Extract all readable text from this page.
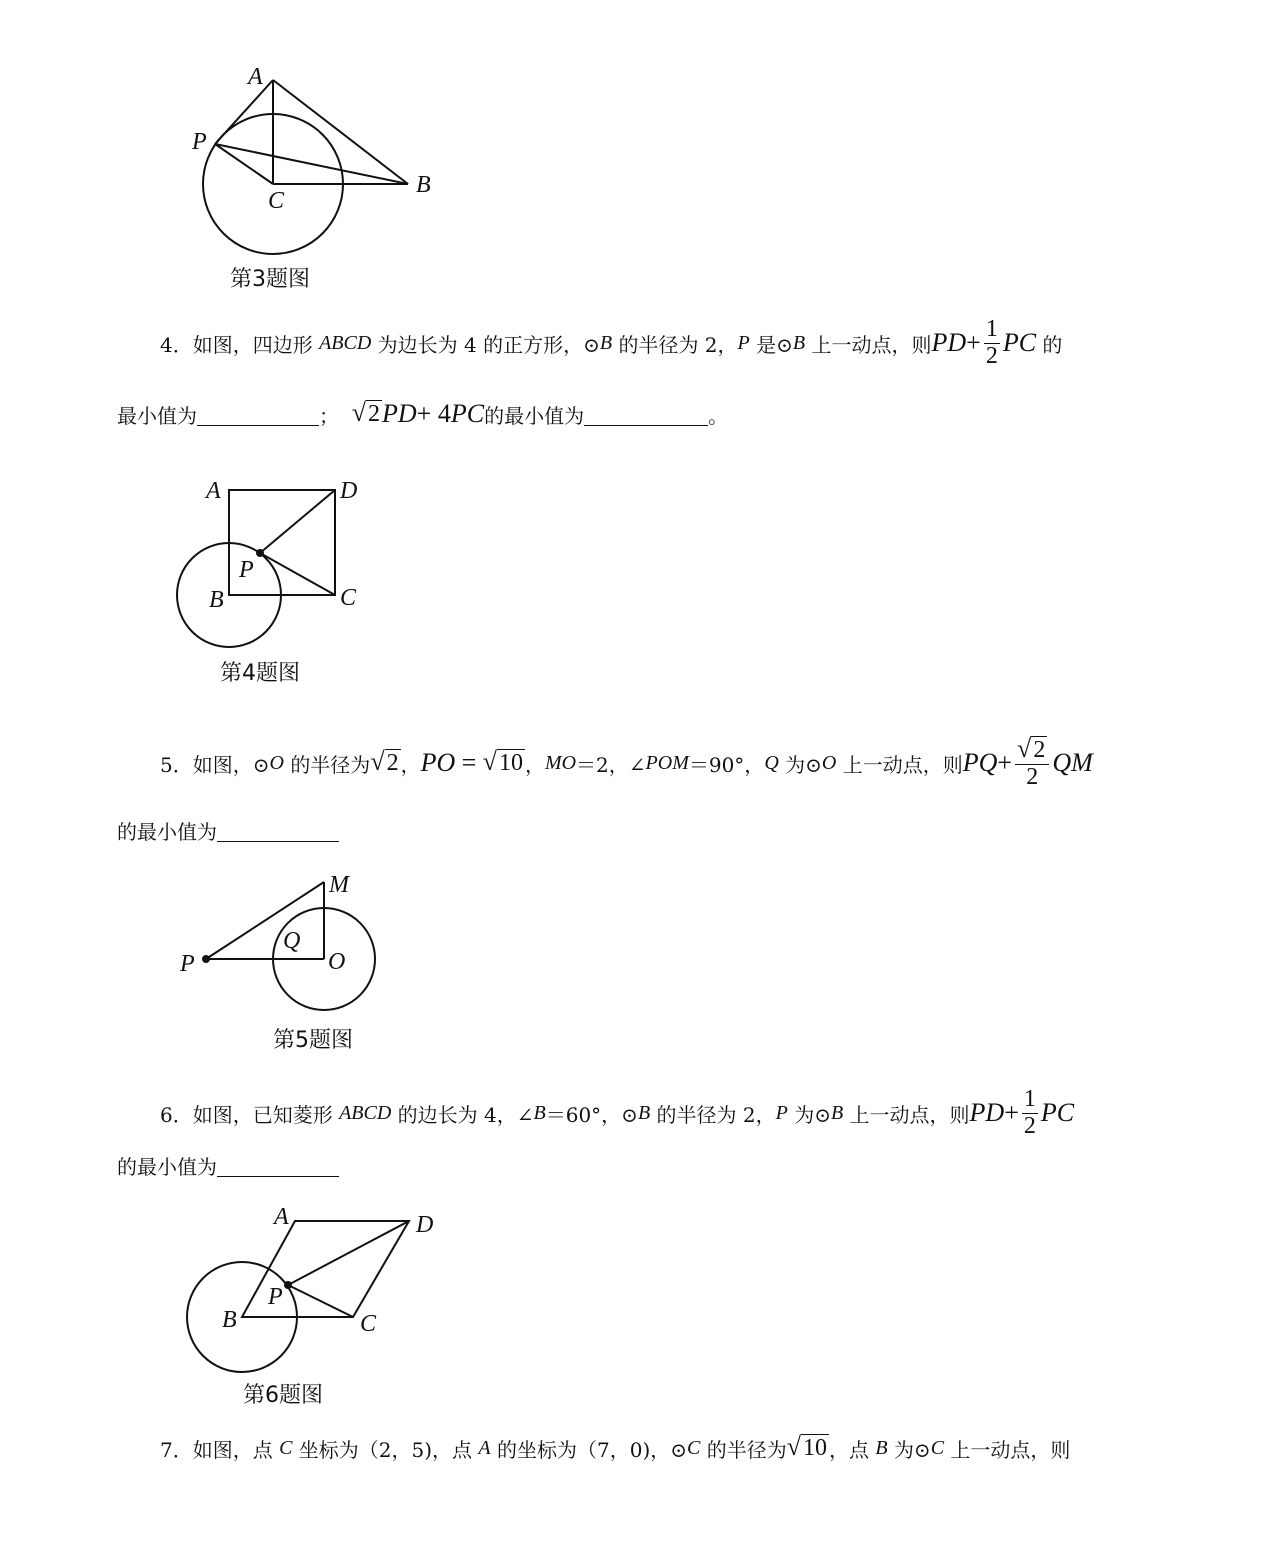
A
P
B
C
第3题图
4． 如图，四边形
ABCD
为边长为 4 的正方形，⊙ B
的半径为 2， P
是⊙ B
上一动点，则 PD + $\frac{1}{2}$ PC
的
最小值为	；
√ 2 PD + 4 PC 的最小值为	。
A	D
P
B	C
第4题图
5． 如图，⊙ O
的半径为 √ 2 ， PO
=
√ 10 ， MO ＝2，∠ POM ＝90°， Q
为⊙ O
上一动点，则 PQ + $\frac{√ 2}{2}$ QM
的最小值为
M
Q
P	O
第5题图
6． 如图，已知菱形
ABCD
的边长为 4，∠ B ＝60°，⊙ B
的半径为 2， P
为⊙ B
上一动点，则 PD + $\frac{1}{2}$ PC
的最小值为
A	D
P
B	C
第6题图
7． 如图，点
C
坐标为（2，5)，点
A
的坐标为（7，0)，⊙ C
的半径为 √ 10 ，点
B
为⊙ C
上一动点，则
